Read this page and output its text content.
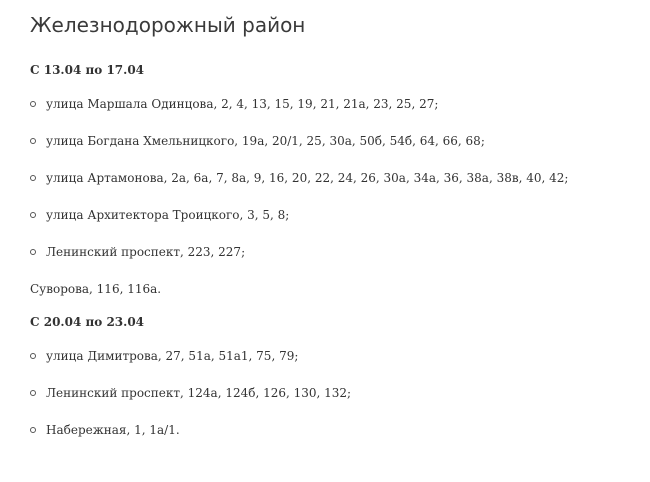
Железнодорожный район

С 13.04 по 17.04

улица Маршала Одинцова, 2, 4, 13, 15, 19, 21, 21а, 23, 25, 27;
улица Богдана Хмельницкого, 19а, 20/1, 25, 30а, 50б, 54б, 64, 66, 68;
улица Артамонова, 2а, 6а, 7, 8а, 9, 16, 20, 22, 24, 26, 30а, 34а, 36, 38а, 38в, 40, 42;
улица Архитектора Троицкого, 3, 5, 8;
Ленинский проспект, 223, 227;

Суворова, 116, 116а.

С 20.04 по 23.04

улица Димитрова, 27, 51а, 51а1, 75, 79;
Ленинский проспект, 124а, 124б, 126, 130, 132;
Набережная, 1, 1а/1.
